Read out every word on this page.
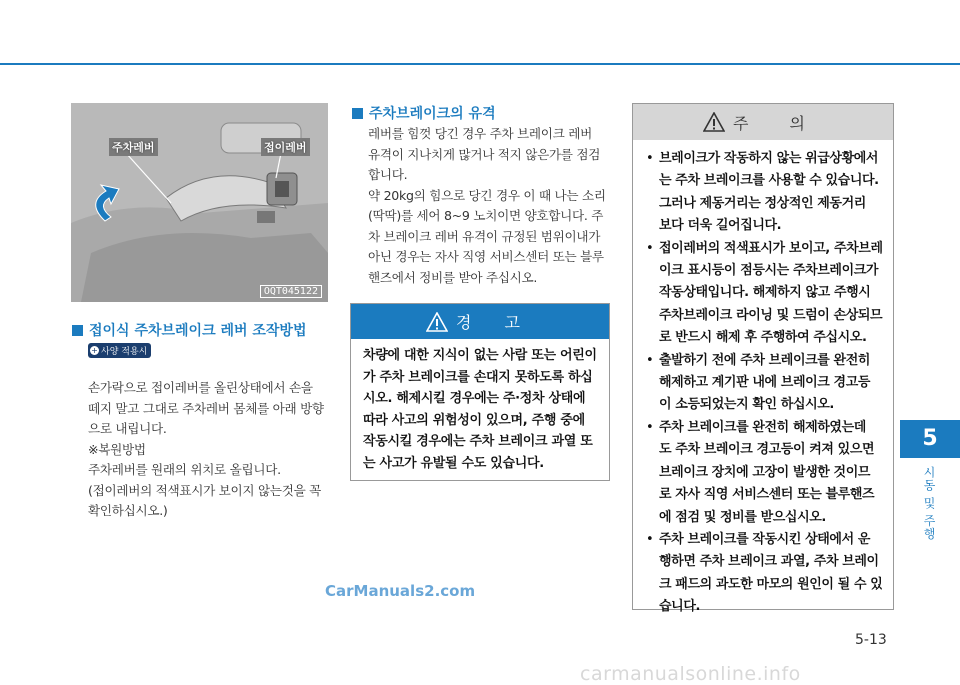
5
시동 및 주행
주차레버	접이레버
OQT045122
접이식 주차브레이크 레버 조작방법
+ 사양 적용시

손가락으로 접이레버를 올린상태에서 손을

떼지 말고 그대로 주차레버 몸체를 아래 방향

으로 내립니다.

※복원방법

주차레버를 원래의 위치로 올립니다.

(접이레버의 적색표시가 보이지 않는것을 꼭

확인하십시오.)

주차브레이크의 유격

레버를 힘껏 당긴 경우 주차 브레이크 레버

유격이 지나치게 많거나 적지 않은가를 점검

합니다.

약 20kg의 힘으로 당긴 경우 이 때 나는 소리

(딱딱)를 세어 8~9 노치이면 양호합니다. 주

차 브레이크 레버 유격이 규정된 범위이내가

아닌 경우는 자사 직영 서비스센터 또는 블루

핸즈에서 정비를 받아 주십시오.

경 고
차량에 대한 지식이 없는 사람 또는 어린이
가 주차 브레이크를 손대지 못하도록 하십
시오. 해제시킬 경우에는 주·정차 상태에
따라 사고의 위험성이 있으며, 주행 중에
작동시킬 경우에는 주차 브레이크 과열 또
는 사고가 유발될 수도 있습니다.
주 의
• 브레이크가 작동하지 않는 위급상황에서
는 주차 브레이크를 사용할 수 있습니다.
그러나 제동거리는 정상적인 제동거리
보다 더욱 길어집니다.
• 접이레버의 적색표시가 보이고, 주차브레
이크 표시등이 점등시는 주차브레이크가
작동상태입니다. 해제하지 않고 주행시
주차브레이크 라이닝 및 드럼이 손상되므
로 반드시 해제 후 주행하여 주십시오.
• 출발하기 전에 주차 브레이크를 완전히
해제하고 계기판 내에 브레이크 경고등
이 소등되었는지 확인 하십시오.
• 주차 브레이크를 완전히 해제하였는데
도 주차 브레이크 경고등이 켜져 있으면
브레이크 장치에 고장이 발생한 것이므
로 자사 직영 서비스센터 또는 블루핸즈
에 점검 및 정비를 받으십시오.
• 주차 브레이크를 작동시킨 상태에서 운
행하면 주차 브레이크 과열, 주차 브레이
크 패드의 과도한 마모의 원인이 될 수 있
습니다.
5-13
CarManuals2.com
carmanualsonline.info
